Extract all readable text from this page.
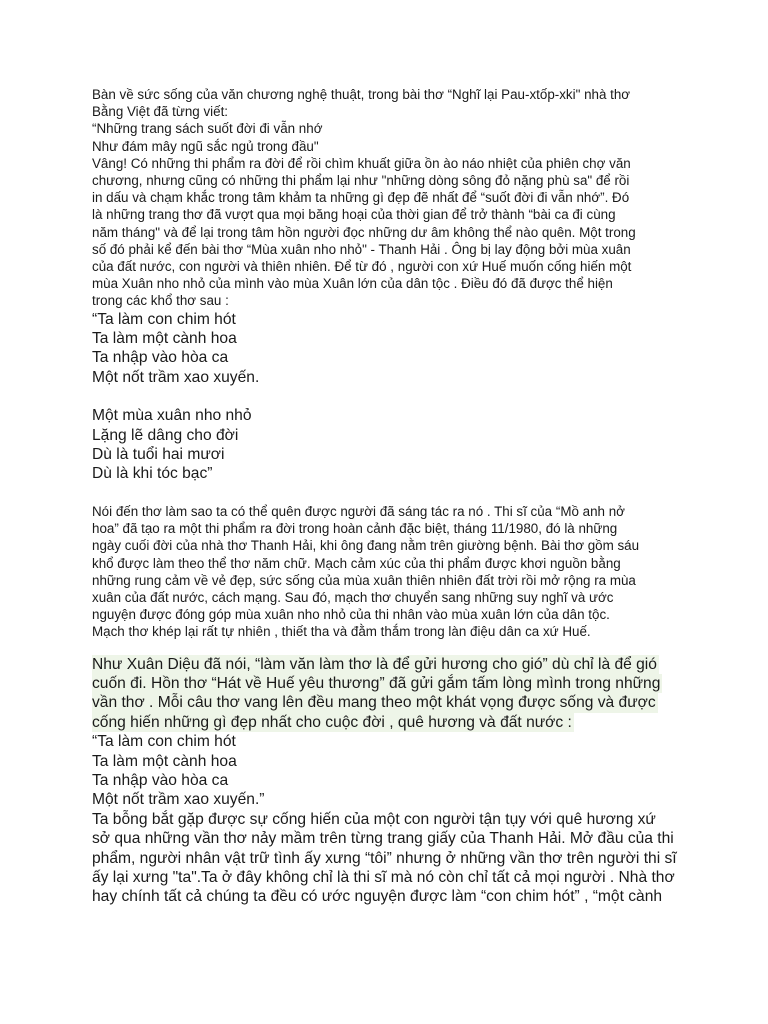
Bàn về sức sống của văn chương nghệ thuật, trong bài thơ “Nghĩ lại Pau-xtốp-xki" nhà thơ
Bằng Việt đã từng viết:
“Những trang sách suốt đời đi vẫn nhớ
Như đám mây ngũ sắc ngủ trong đầu"
Vâng! Có những thi phẩm ra đời để rồi chìm khuất giữa ồn ào náo nhiệt của phiên chợ văn
chương, nhưng cũng có những thi phẩm lại như "những dòng sông đỏ nặng phù sa" để rồi
in dấu và chạm khắc trong tâm khảm ta những gì đẹp đẽ nhất để “suốt đời đi vẫn nhớ”. Đó
là những trang thơ đã vượt qua mọi băng hoại của thời gian để trở thành “bài ca đi cùng
năm tháng" và để lại trong tâm hồn người đọc những dư âm không thể nào quên. Một trong
số đó phải kể đến bài thơ “Mùa xuân nho nhỏ" - Thanh Hải . Ông bị lay động bởi mùa xuân
của đất nước, con người và thiên nhiên. Để từ đó , người con xứ Huế muốn cống hiến một
mùa Xuân nho nhỏ của mình vào mùa Xuân lớn của dân tộc . Điều đó đã được thể hiện
trong các khổ thơ sau :
“Ta làm con chim hót
Ta làm một cành hoa
Ta nhập vào hòa ca
Một nốt trầm xao xuyến.
Một mùa xuân nho nhỏ
Lặng lẽ dâng cho đời
Dù là tuổi hai mươi
Dù là khi tóc bạc”
Nói đến thơ làm sao ta có thể quên được người đã sáng tác ra nó . Thi sĩ của “Mồ anh nở
hoa” đã tạo ra một thi phẩm ra đời trong hoàn cảnh đặc biệt, tháng 11/1980, đó là những
ngày cuối đời của nhà thơ Thanh Hải, khi ông đang nằm trên giường bệnh. Bài thơ gồm sáu
khổ được làm theo thể thơ năm chữ. Mạch cảm xúc của thi phẩm được khơi nguồn bằng
những rung cảm về vẻ đẹp, sức sống của mùa xuân thiên nhiên đất trời rồi mở rộng ra mùa
xuân của đất nước, cách mạng. Sau đó, mạch thơ chuyển sang những suy nghĩ và ước
nguyện được đóng góp mùa xuân nho nhỏ của thi nhân vào mùa xuân lớn của dân tộc.
Mạch thơ khép lại rất tự nhiên , thiết tha và đằm thắm trong làn điệu dân ca xứ Huế.
Như Xuân Diệu đã nói, “làm văn làm thơ là để gửi hương cho gió” dù chỉ là để gió
cuốn đi. Hồn thơ “Hát về Huế yêu thương” đã gửi gắm tấm lòng mình trong những
vần thơ . Mỗi câu thơ vang lên đều mang theo một khát vọng được sống và được
cống hiến những gì đẹp nhất cho cuộc đời , quê hương và đất nước :
“Ta làm con chim hót
Ta làm một cành hoa
Ta nhập vào hòa ca
Một nốt trầm xao xuyến.”
Ta bỗng bắt gặp được sự cống hiến của một con người tận tụy với quê hương xứ
sở qua những vần thơ nảy mầm trên từng trang giấy của Thanh Hải. Mở đầu của thi
phẩm, người nhân vật trữ tình ấy xưng “tôi” nhưng ở những vần thơ trên người thi sĩ
ấy lại xưng "ta".Ta ở đây không chỉ là thi sĩ mà nó còn chỉ tất cả mọi người . Nhà thơ
hay chính tất cả chúng ta đều có ước nguyện được làm “con chim hót” , “một cành
